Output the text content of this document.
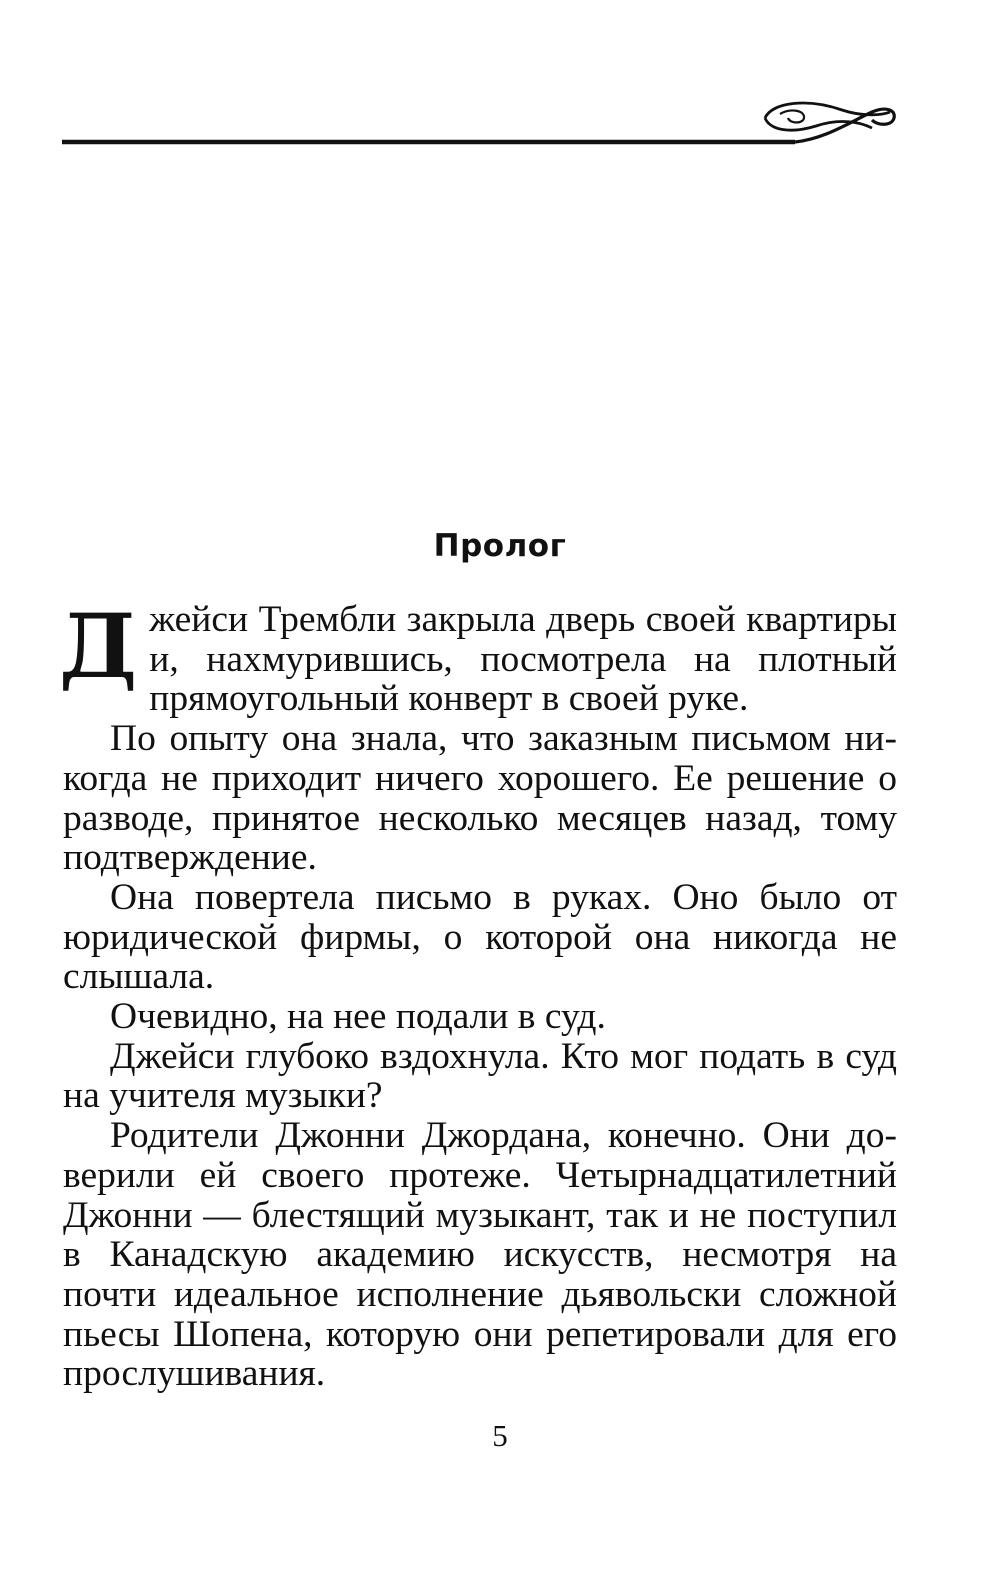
Пролог

Джейси Трембли закрыла дверь своей квартиры и, нахмурившись, посмотрела на плотный прямоугольный конверт в своей руке.

По опыту она знала, что заказным письмом никогда не приходит ничего хорошего. Ее решение о разводе, принятое несколько месяцев назад, тому подтверждение.

Она повертела письмо в руках. Оно было от юридической фирмы, о которой она никогда не слышала.

Очевидно, на нее подали в суд.

Джейси глубоко вздохнула. Кто мог подать в суд на учителя музыки?

Родители Джонни Джордана, конечно. Они доверили ей своего протеже. Четырнадцатилетний Джонни — блестящий музыкант, так и не поступил в Канадскую академию искусств, несмотря на почти идеальное исполнение дьявольски сложной пьесы Шопена, которую они репетировали для его прослушивания.

5
